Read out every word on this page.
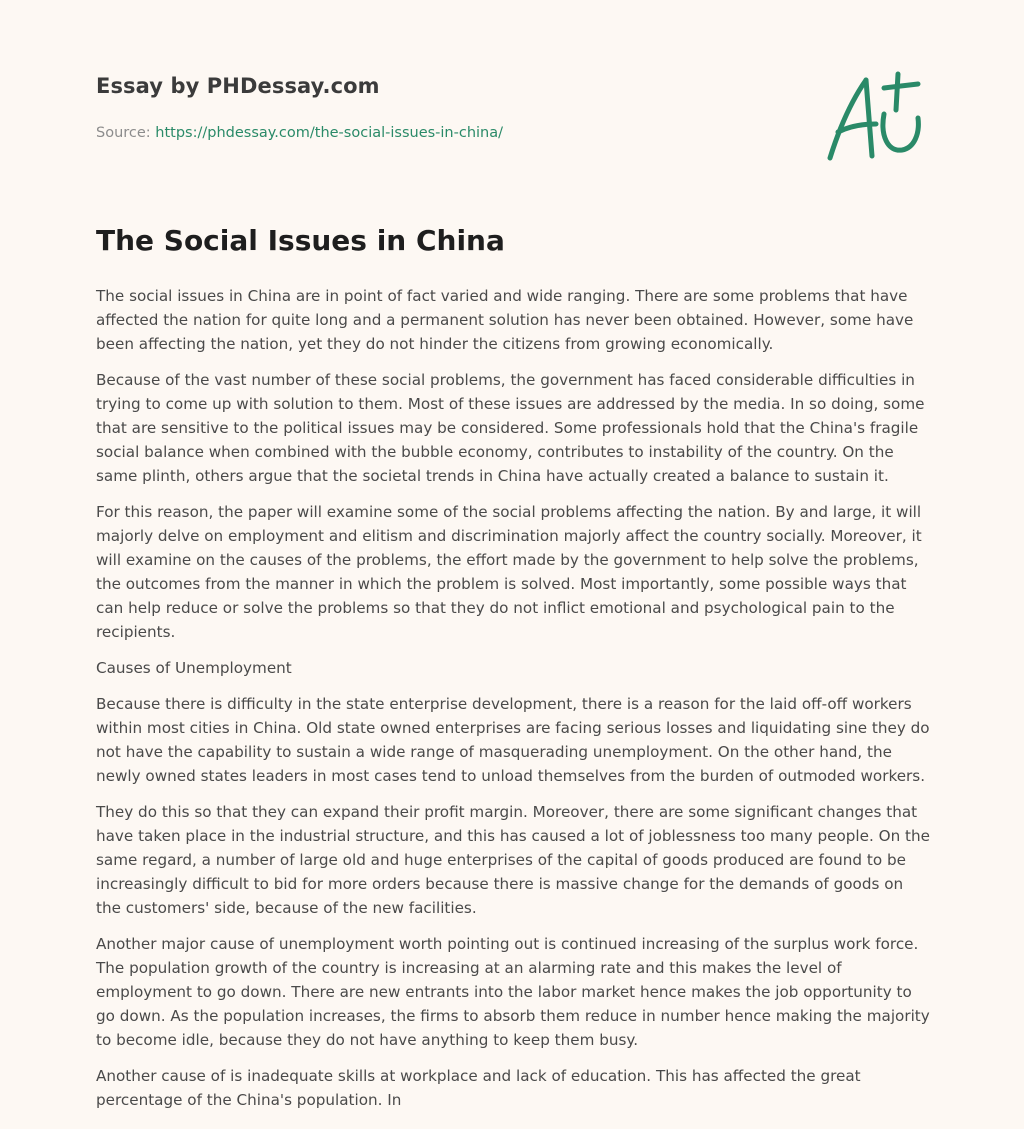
Essay by PHDessay.com
Source: https://phdessay.com/the-social-issues-in-china/
The Social Issues in China

The social issues in China are in point of fact varied and wide ranging. There are some problems that have affected the nation for quite long and a permanent solution has never been obtained. However, some have been affecting the nation, yet they do not hinder the citizens from growing economically.

Because of the vast number of these social problems, the government has faced considerable difficulties in trying to come up with solution to them. Most of these issues are addressed by the media. In so doing, some that are sensitive to the political issues may be considered. Some professionals hold that the China's fragile social balance when combined with the bubble economy, contributes to instability of the country. On the same plinth, others argue that the societal trends in China have actually created a balance to sustain it.

For this reason, the paper will examine some of the social problems affecting the nation. By and large, it will majorly delve on employment and elitism and discrimination majorly affect the country socially. Moreover, it will examine on the causes of the problems, the effort made by the government to help solve the problems, the outcomes from the manner in which the problem is solved. Most importantly, some possible ways that can help reduce or solve the problems so that they do not inflict emotional and psychological pain to the recipients.

Causes of Unemployment

Because there is difficulty in the state enterprise development, there is a reason for the laid off-off workers within most cities in China. Old state owned enterprises are facing serious losses and liquidating sine they do not have the capability to sustain a wide range of masquerading unemployment. On the other hand, the newly owned states leaders in most cases tend to unload themselves from the burden of outmoded workers.

They do this so that they can expand their profit margin. Moreover, there are some significant changes that have taken place in the industrial structure, and this has caused a lot of joblessness too many people. On the same regard, a number of large old and huge enterprises of the capital of goods produced are found to be increasingly difficult to bid for more orders because there is massive change for the demands of goods on the customers' side, because of the new facilities.

Another major cause of unemployment worth pointing out is continued increasing of the surplus work force. The population growth of the country is increasing at an alarming rate and this makes the level of employment to go down. There are new entrants into the labor market hence makes the job opportunity to go down. As the population increases, the firms to absorb them reduce in number hence making the majority to become idle, because they do not have anything to keep them busy.

Another cause of is inadequate skills at workplace and lack of education. This has affected the great percentage of the China's population. In
